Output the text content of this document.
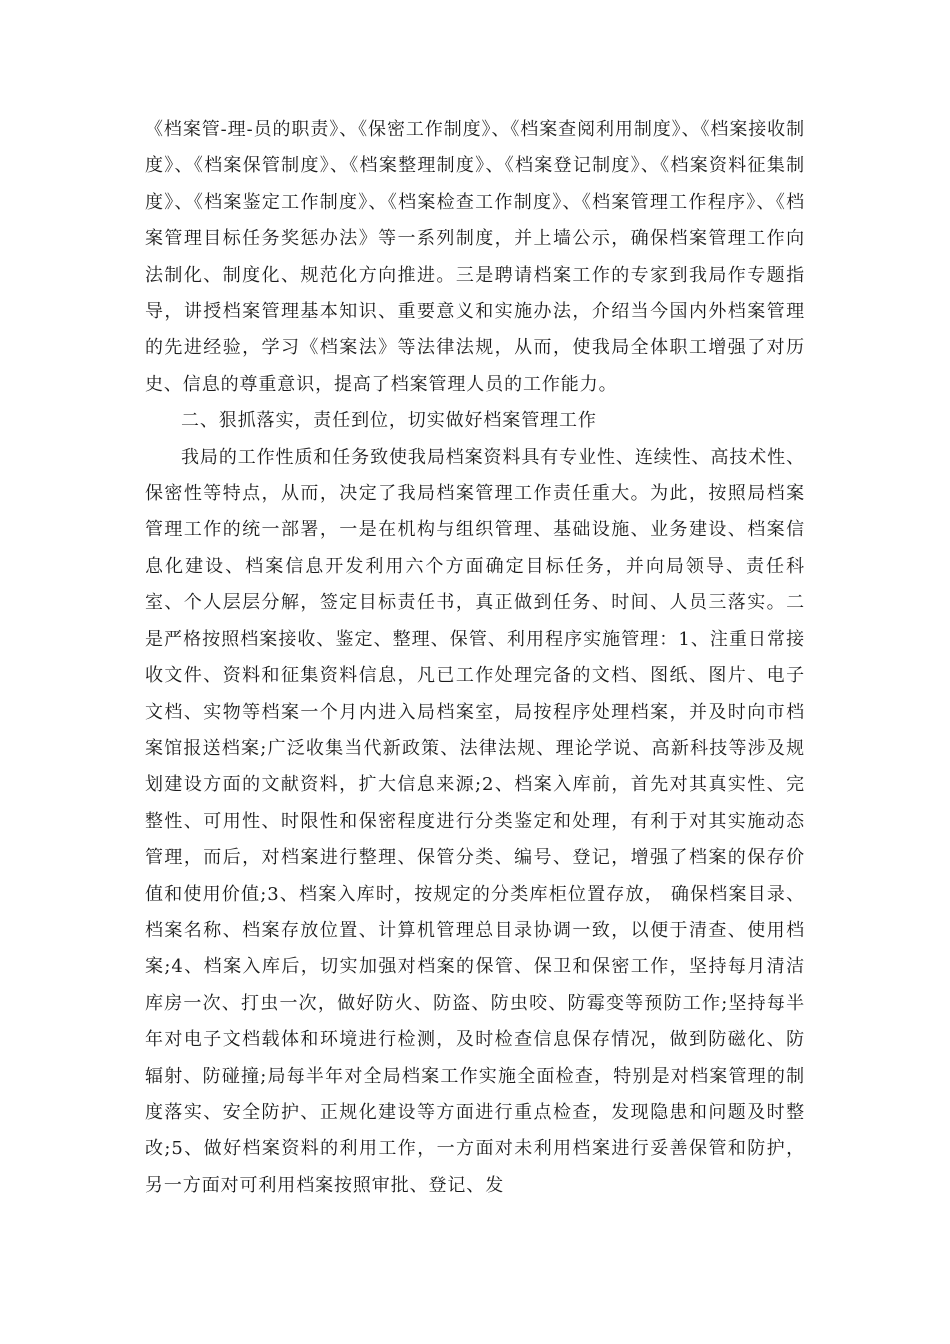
《档案管-理-员的职责》、《保密工作制度》、《档案查阅利用制度》、《档案接收制度》、《档案保管制度》、《档案整理制度》、《档案登记制度》、《档案资料征集制度》、《档案鉴定工作制度》、《档案检查工作制度》、《档案管理工作程序》、《档案管理目标任务奖惩办法》等一系列制度，并上墙公示，确保档案管理工作向法制化、制度化、规范化方向推进。三是聘请档案工作的专家到我局作专题指导，讲授档案管理基本知识、重要意义和实施办法，介绍当今国内外档案管理的先进经验，学习《档案法》等法律法规，从而，使我局全体职工增强了对历史、信息的尊重意识，提高了档案管理人员的工作能力。

二、狠抓落实，责任到位，切实做好档案管理工作

我局的工作性质和任务致使我局档案资料具有专业性、连续性、高技术性、保密性等特点，从而，决定了我局档案管理工作责任重大。为此，按照局档案管理工作的统一部署，一是在机构与组织管理、基础设施、业务建设、档案信息化建设、档案信息开发利用六个方面确定目标任务，并向局领导、责任科室、个人层层分解，签定目标责任书，真正做到任务、时间、人员三落实。二是严格按照档案接收、鉴定、整理、保管、利用程序实施管理：1、注重日常接收文件、资料和征集资料信息，凡已工作处理完备的文档、图纸、图片、电子文档、实物等档案一个月内进入局档案室，局按程序处理档案，并及时向市档案馆报送档案;广泛收集当代新政策、法律法规、理论学说、高新科技等涉及规划建设方面的文献资料，扩大信息来源;2、档案入库前，首先对其真实性、完整性、可用性、时限性和保密程度进行分类鉴定和处理，有利于对其实施动态管理，而后，对档案进行整理、保管分类、编号、登记，增强了档案的保存价值和使用价值;3、档案入库时，按规定的分类库柜位置存放， 确保档案目录、档案名称、档案存放位置、计算机管理总目录协调一致，以便于清查、使用档案;4、档案入库后，切实加强对档案的保管、保卫和保密工作，坚持每月清洁库房一次、打虫一次，做好防火、防盗、防虫咬、防霉变等预防工作;坚持每半年对电子文档载体和环境进行检测，及时检查信息保存情况，做到防磁化、防辐射、防碰撞;局每半年对全局档案工作实施全面检查，特别是对档案管理的制度落实、安全防护、正规化建设等方面进行重点检查，发现隐患和问题及时整改;5、做好档案资料的利用工作，一方面对未利用档案进行妥善保管和防护，另一方面对可利用档案按照审批、登记、发
